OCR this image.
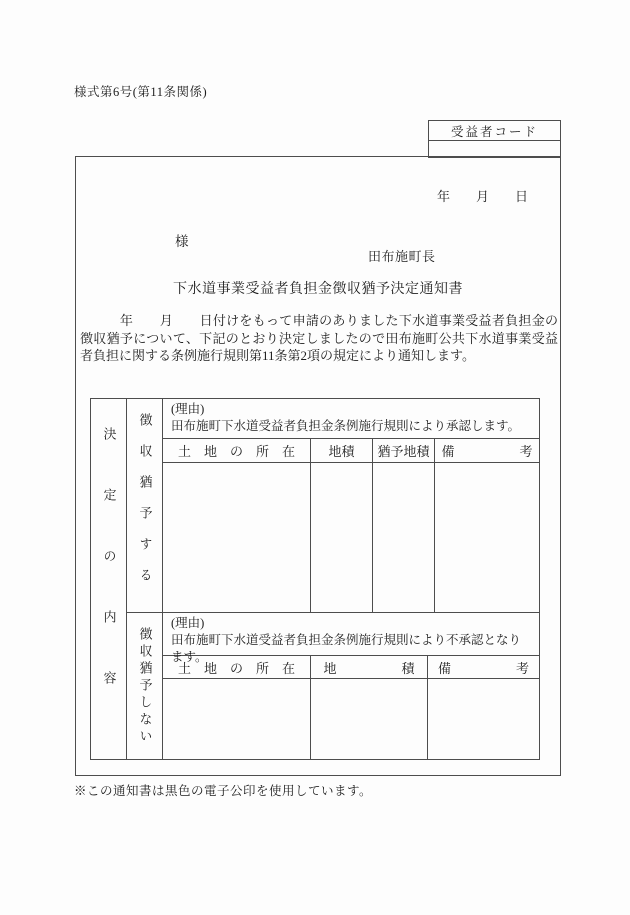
様式第6号(第11条関係)
受益者コード
年　　月　　日
様
田布施町長
下水道事業受益者負担金徴収猶予決定通知書
　　　年　　月　　日付けをもって申請のありました下水道事業受益者負担金の徴収猶予について、下記のとおり決定しましたので田布施町公共下水道事業受益者負担に関する条例施行規則第11条第2項の規定により通知します。
決定の内容	徴収猶予する
徴収猶予しない
(理由)
田布施町下水道受益者負担金条例施行規則により承認します。
土　地　の　所　在	地積	猶予地積 備　　　　　考
(理由)
田布施町下水道受益者負担金条例施行規則により不承認となります。
土　地　の　所　在	地　　　　　積	備　　　　　考
※この通知書は黒色の電子公印を使用しています。
